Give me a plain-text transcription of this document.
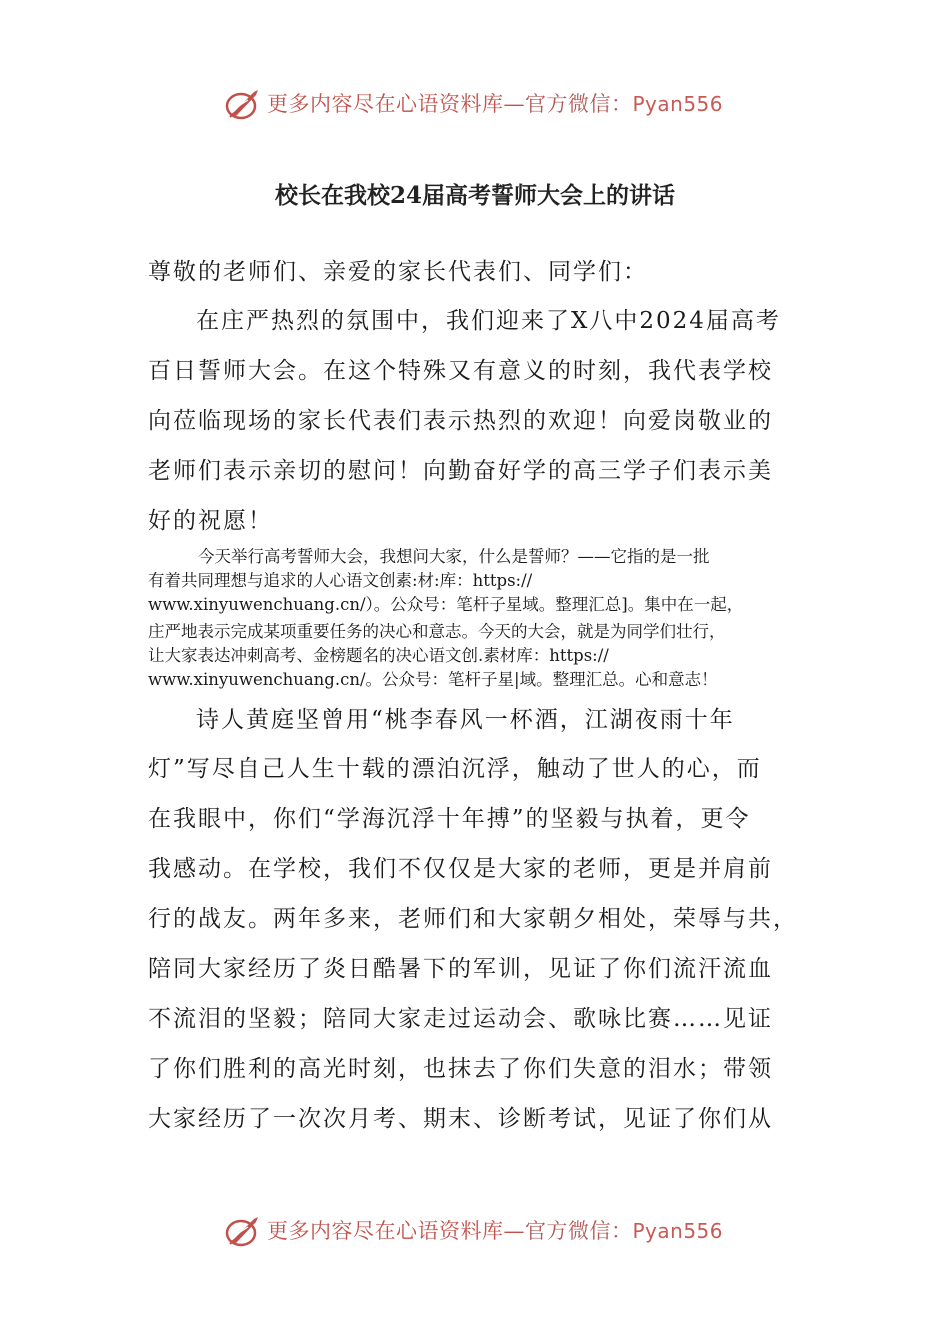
更多内容尽在心语资料库—官方微信：Pyan556
校长在我校24届高考誓师大会上的讲话
尊敬的老师们、亲爱的家长代表们、同学们：
在庄严热烈的氛围中，我们迎来了X八中2024届高考
百日誓师大会。在这个特殊又有意义的时刻，我代表学校
向莅临现场的家长代表们表示热烈的欢迎！向爱岗敬业的
老师们表示亲切的慰问！向勤奋好学的高三学子们表示美
好的祝愿！
今天举行高考誓师大会，我想问大家，什么是誓师？——它指的是一批
有着共同理想与追求的人心语文创素:材:库：https://
www.xinyuwenchuang.cn/）。公众号：笔杆子星域。整理汇总]。集中在一起，
庄严地表示完成某项重要任务的决心和意志。今天的大会，就是为同学们壮行，
让大家表达冲刺高考、金榜题名的决心语文创.素材库：https://
www.xinyuwenchuang.cn/。公众号：笔杆子星|域。整理汇总。心和意志！
诗人黄庭坚曾用“桃李春风一杯酒，江湖夜雨十年
灯”写尽自己人生十载的漂泊沉浮，触动了世人的心，而
在我眼中，你们“学海沉浮十年搏”的坚毅与执着，更令
我感动。在学校，我们不仅仅是大家的老师，更是并肩前
行的战友。两年多来，老师们和大家朝夕相处，荣辱与共，
陪同大家经历了炎日酷暑下的军训，见证了你们流汗流血
不流泪的坚毅；陪同大家走过运动会、歌咏比赛……见证
了你们胜利的高光时刻，也抹去了你们失意的泪水；带领
大家经历了一次次月考、期末、诊断考试，见证了你们从
更多内容尽在心语资料库—官方微信：Pyan556
